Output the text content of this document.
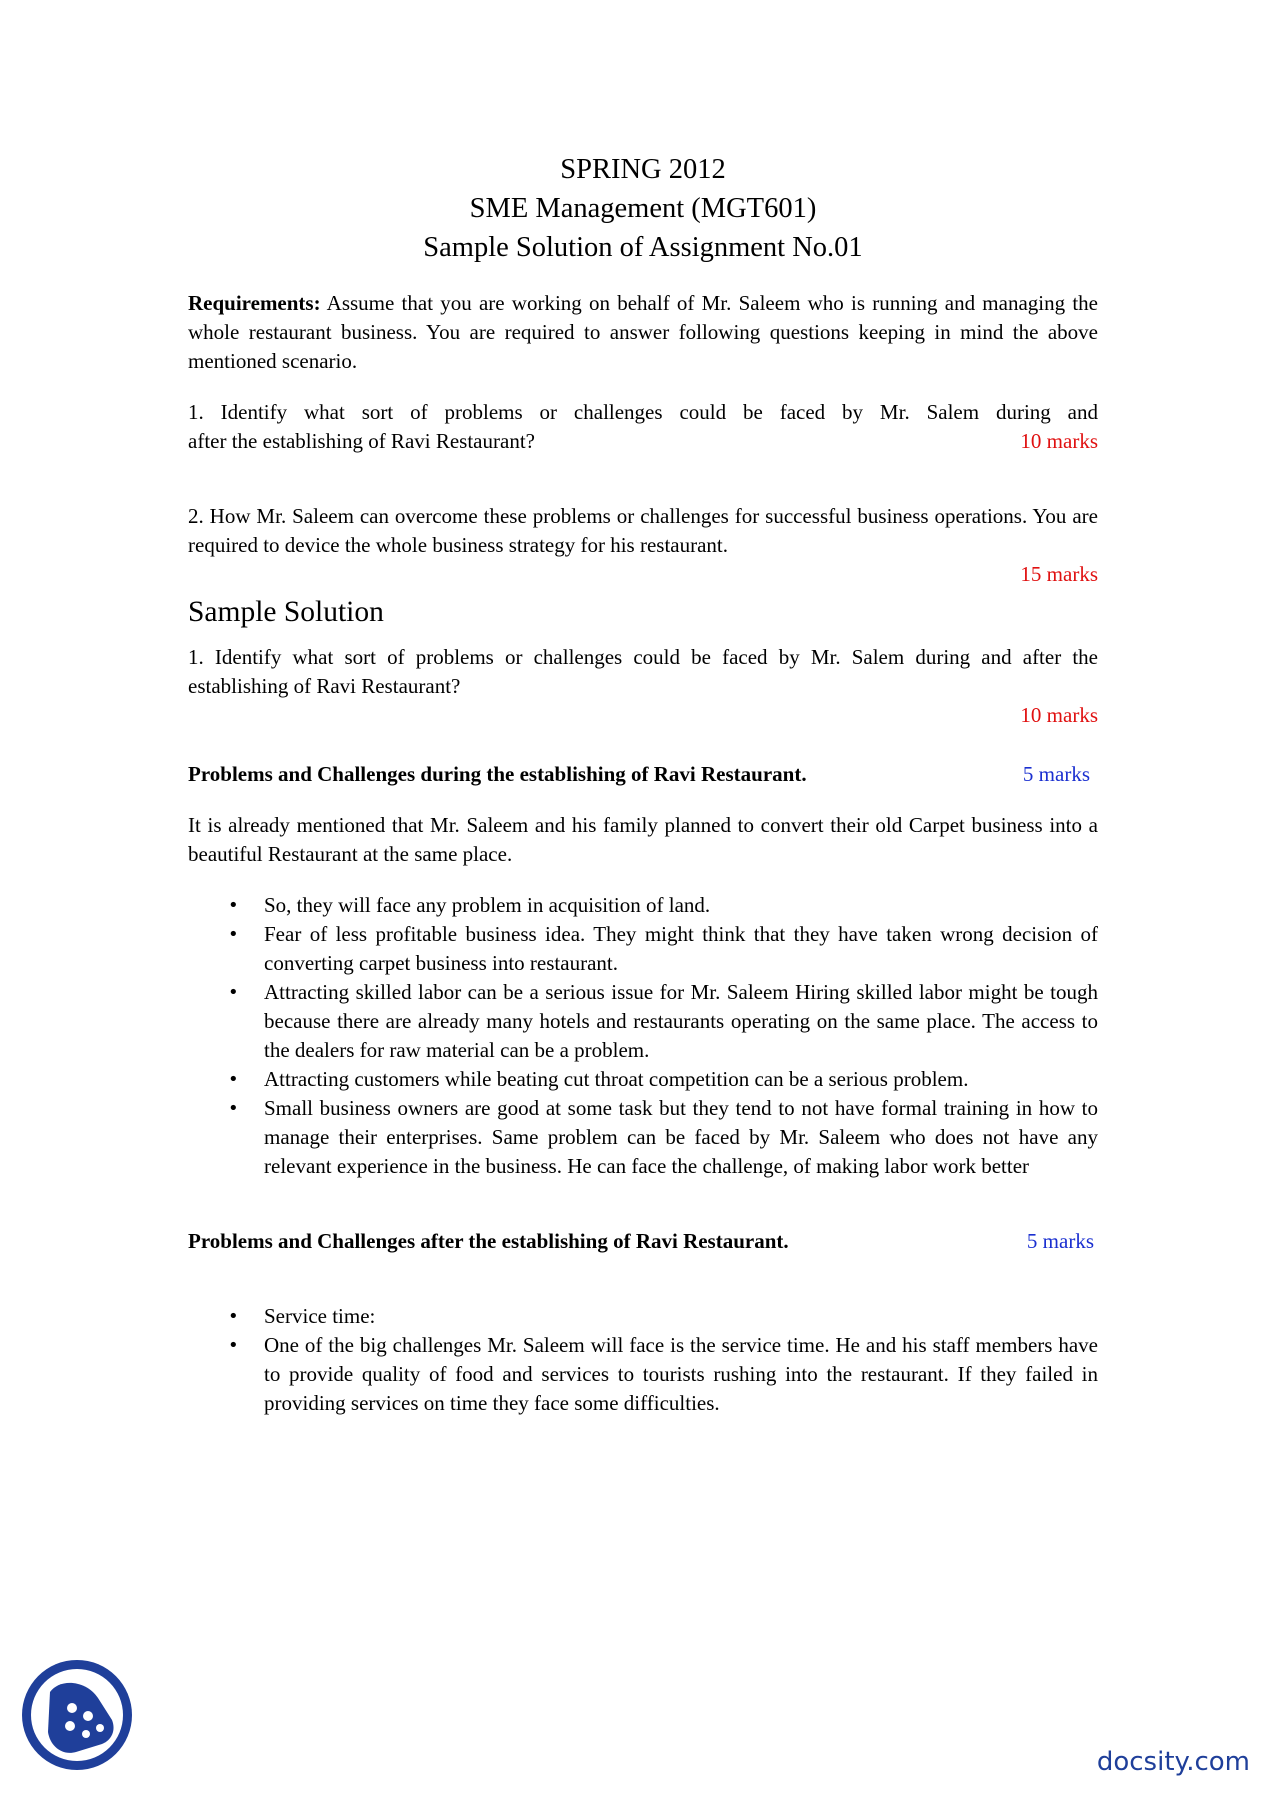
SPRING 2012
SME Management (MGT601)
Sample Solution of Assignment No.01

Requirements: Assume that you are working on behalf of Mr. Saleem who is running and managing the whole restaurant business. You are required to answer following questions keeping in mind the above mentioned scenario.

1. Identify what sort of problems or challenges could be faced by Mr. Salem during and

after the establishing of Ravi Restaurant?	10 marks

2. How Mr. Saleem can overcome these problems or challenges for successful business operations. You are required to device the whole business strategy for his restaurant.

15 marks
Sample Solution

1. Identify what sort of problems or challenges could be faced by Mr. Salem during and after the establishing of Ravi Restaurant?

10 marks
Problems and Challenges during the establishing of Ravi Restaurant.	5 marks

It is already mentioned that Mr. Saleem and his family planned to convert their old Carpet business into a beautiful Restaurant at the same place.

• So, they will face any problem in acquisition of land.
• Fear of less profitable business idea. They might think that they have taken wrong decision of converting carpet business into restaurant.
• Attracting skilled labor can be a serious issue for Mr. Saleem Hiring skilled labor might be tough because there are already many hotels and restaurants operating on the same place. The access to the dealers for raw material can be a problem.
• Attracting customers while beating cut throat competition can be a serious problem.
• Small business owners are good at some task but they tend to not have formal training in how to manage their enterprises. Same problem can be faced by Mr. Saleem who does not have any relevant experience in the business. He can face the challenge, of making labor work better
Problems and Challenges after the establishing of Ravi Restaurant.	5 marks
• Service time:
• One of the big challenges Mr. Saleem will face is the service time. He and his staff members have to provide quality of food and services to tourists rushing into the restaurant. If they failed in providing services on time they face some difficulties.
docsity.com
